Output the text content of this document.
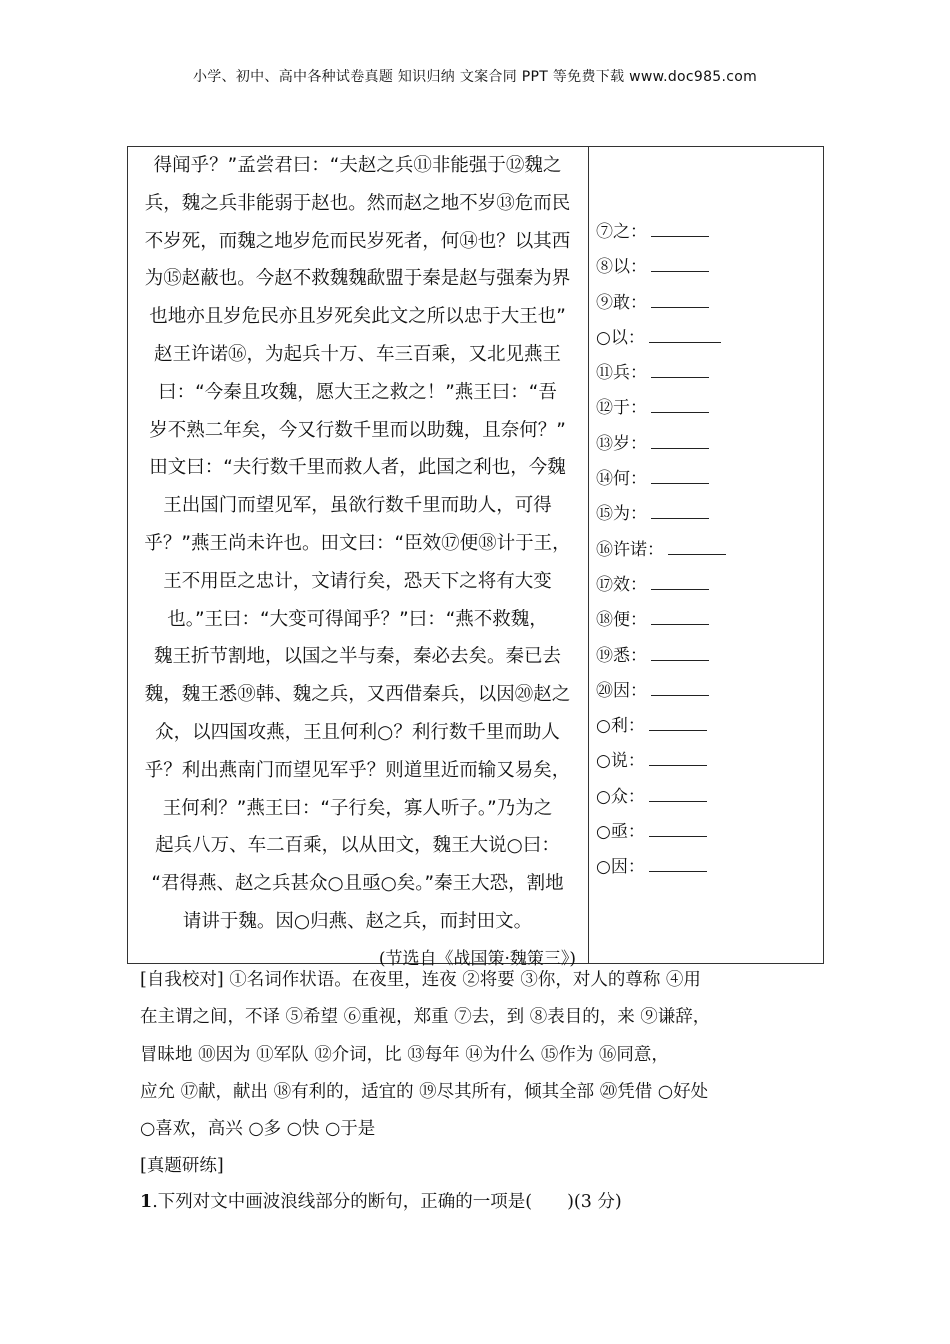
小学、初中、高中各种试卷真题 知识归纳 文案合同 PPT 等免费下载 www.doc985.com
得闻乎？”孟尝君曰：“夫赵之兵⑪非能强于⑫魏之
兵，魏之兵非能弱于赵也。然而赵之地不岁⑬危而民
不岁死，而魏之地岁危而民岁死者，何⑭也？以其西
为⑮赵蔽也。今赵不救魏魏歃盟于秦是赵与强秦为界
也地亦且岁危民亦且岁死矣此文之所以忠于大王也”
赵王许诺⑯，为起兵十万、车三百乘，又北见燕王
曰：“今秦且攻魏，愿大王之救之！”燕王曰：“吾
岁不熟二年矣，今又行数千里而以助魏，且奈何？”
田文曰：“夫行数千里而救人者，此国之利也，今魏
王出国门而望见军，虽欲行数千里而助人，可得
乎？”燕王尚未许也。田文曰：“臣效⑰便⑱计于王，
王不用臣之忠计，文请行矣，恐天下之将有大变
也。”王曰：“大变可得闻乎？”曰：“燕不救魏，
魏王折节割地，以国之半与秦，秦必去矣。秦已去
魏，魏王悉⑲韩、魏之兵，又西借秦兵，以因⑳赵之
众，以四国攻燕，王且何利○？利行数千里而助人
乎？利出燕南门而望见军乎？则道里近而输又易矣，
王何利？”燕王曰：“子行矣，寡人听子。”乃为之
起兵八万、车二百乘，以从田文，魏王大说○曰：
“君得燕、赵之兵甚众○且亟○矣。”秦王大恐，割地
请讲于魏。因○归燕、赵之兵，而封田文。
(节选自《战国策·魏策三》)
⑦之：
⑧以：
⑨敢：
○以：
⑪兵：
⑫于：
⑬岁：
⑭何：
⑮为：
⑯许诺：
⑰效：
⑱便：
⑲悉：
⑳因：
○利：
○说：
○众：
○亟：
○因：
[自我校对] ①名词作状语。在夜里，连夜 ②将要 ③你，对人的尊称 ④用
在主谓之间，不译 ⑤希望 ⑥重视，郑重 ⑦去，到 ⑧表目的，来 ⑨谦辞，
冒昧地 ⑩因为 ⑪军队 ⑫介词，比 ⑬每年 ⑭为什么 ⑮作为 ⑯同意，
应允 ⑰献，献出 ⑱有利的，适宜的 ⑲尽其所有，倾其全部 ⑳凭借 ○好处
○喜欢，高兴 ○多 ○快 ○于是
[真题研练]
1.下列对文中画波浪线部分的断句，正确的一项是(　　)(3 分)
